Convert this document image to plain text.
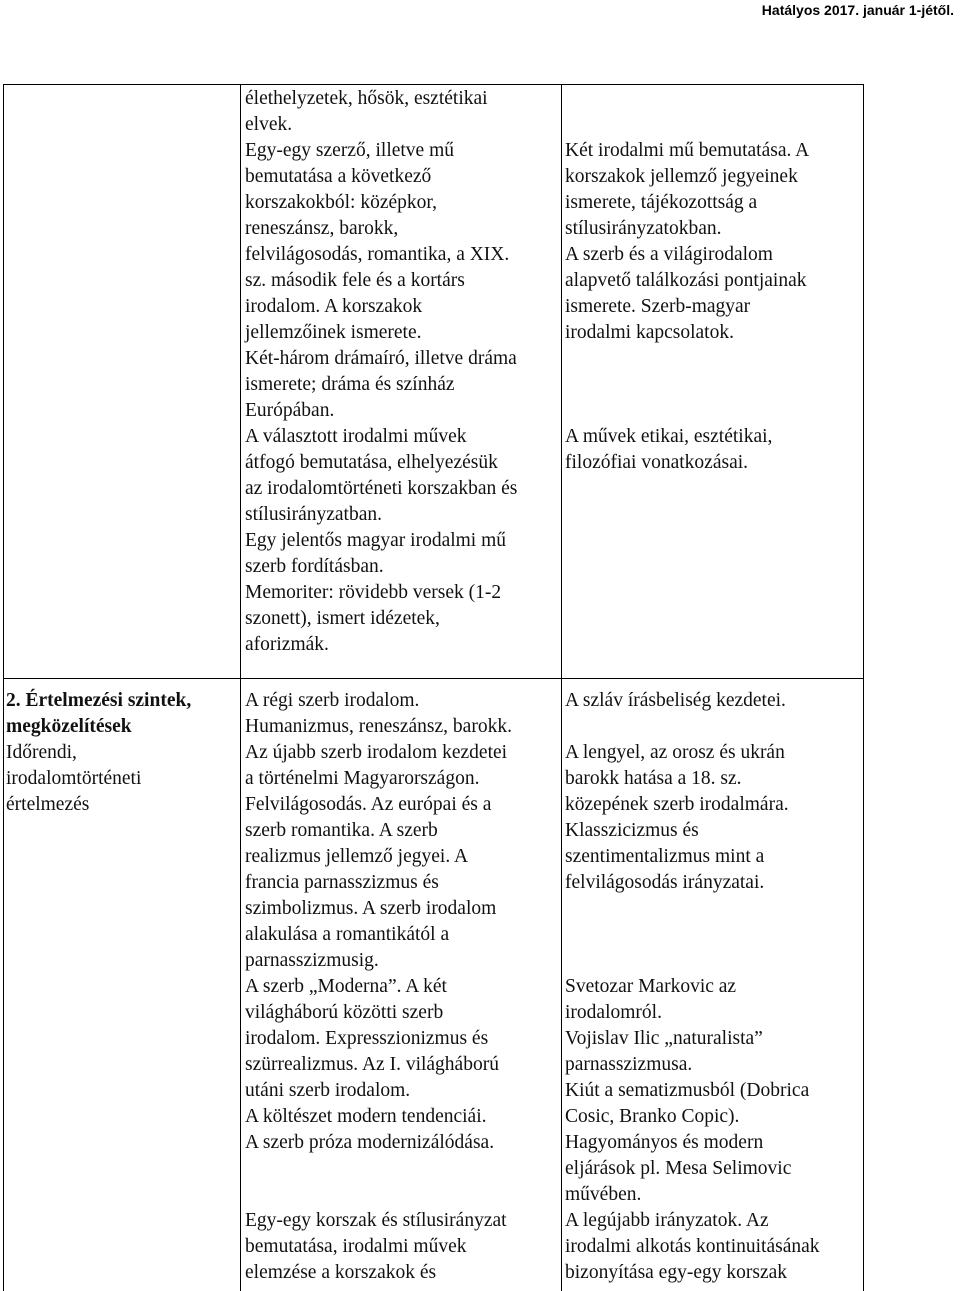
Hatályos 2017. január 1-jétől.
élethelyzetek, hősök, esztétikai
elvek.
Egy-egy szerző, illetve mű
bemutatása a következő
korszakokból: középkor,
reneszánsz, barokk,
felvilágosodás, romantika, a XIX.
sz. második fele és a kortárs
irodalom. A korszakok
jellemzőinek ismerete.
Két-három drámaíró, illetve dráma
ismerete; dráma és színház
Európában.
A választott irodalmi művek
átfogó bemutatása, elhelyezésük
az irodalomtörténeti korszakban és
stílusirányzatban.
Egy jelentős magyar irodalmi mű
szerb fordításban.
Memoriter: rövidebb versek (1-2
szonett), ismert idézetek,
aforizmák.

Két irodalmi mű bemutatása. A
korszakok jellemző jegyeinek
ismerete, tájékozottság a
stílusirányzatokban.
A szerb és a világirodalom
alapvető találkozási pontjainak
ismerete. Szerb-magyar
irodalmi kapcsolatok.

A művek etikai, esztétikai,
filozófiai vonatkozásai.
2. Értelmezési szintek,
megközelítések
Időrendi,
irodalomtörténeti
értelmezés
A régi szerb irodalom.
Humanizmus, reneszánsz, barokk.
Az újabb szerb irodalom kezdetei
a történelmi Magyarországon.
Felvilágosodás. Az európai és a
szerb romantika. A szerb
realizmus jellemző jegyei. A
francia parnasszizmus és
szimbolizmus. A szerb irodalom
alakulása a romantikától a
parnasszizmusig.
A szerb „Moderna”. A két
világháború közötti szerb
irodalom. Expresszionizmus és
szürrealizmus. Az I. világháború
utáni szerb irodalom.
A költészet modern tendenciái.
A szerb próza modernizálódása.

Egy-egy korszak és stílusirányzat
bemutatása, irodalmi művek
elemzése a korszakok és
A szláv írásbeliség kezdetei.

A lengyel, az orosz és ukrán
barokk hatása a 18. sz.
közepének szerb irodalmára.
Klasszicizmus és
szentimentalizmus mint a
felvilágosodás irányzatai.

Svetozar Markovic az
irodalomról.
Vojislav Ilic „naturalista”
parnasszizmusa.
Kiút a sematizmusból (Dobrica
Cosic, Branko Copic).
Hagyományos és modern
eljárások pl. Mesa Selimovic
művében.
A legújabb irányzatok. Az
irodalmi alkotás kontinuitásának
bizonyítása egy-egy korszak
